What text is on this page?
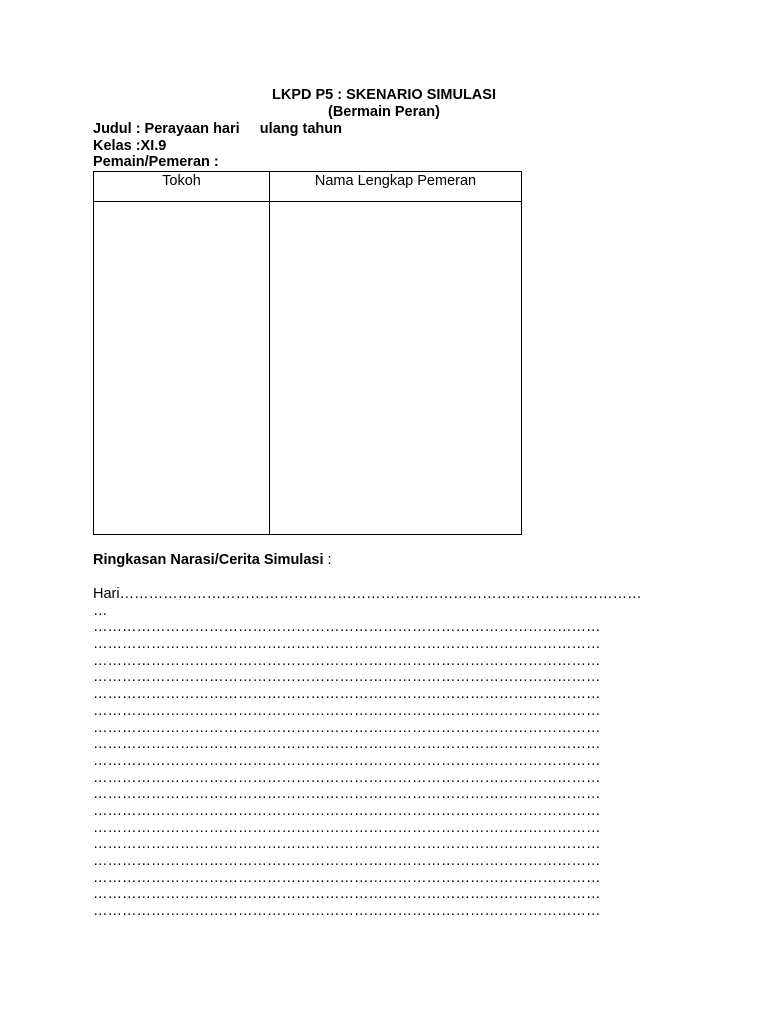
LKPD P5 : SKENARIO SIMULASI
(Bermain Peran)
Judul : Perayaan hari     ulang tahun
Kelas :XI.9
Pemain/Pemeran :
Tokoh	Nama Lengkap Pemeran

Ringkasan Narasi/Cerita Simulasi :
Hari………………………………………………………………………………………………
…
……………………………………………………………………………………………
……………………………………………………………………………………………
……………………………………………………………………………………………
……………………………………………………………………………………………
……………………………………………………………………………………………
……………………………………………………………………………………………
……………………………………………………………………………………………
……………………………………………………………………………………………
……………………………………………………………………………………………
……………………………………………………………………………………………
……………………………………………………………………………………………
……………………………………………………………………………………………
……………………………………………………………………………………………
……………………………………………………………………………………………
……………………………………………………………………………………………
……………………………………………………………………………………………
……………………………………………………………………………………………
……………………………………………………………………………………………
